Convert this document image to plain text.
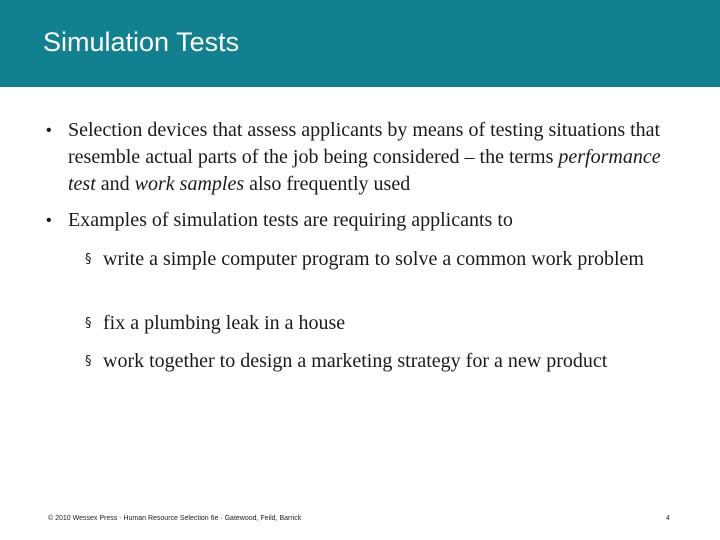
Simulation Tests
• Selection devices that assess applicants by means of testing situations that resemble actual parts of the job being considered – the terms performance test and work samples also frequently used
• Examples of simulation tests are requiring applicants to
§ write a simple computer program to solve a common work problem
§ fix a plumbing leak in a house
§ work together to design a marketing strategy for a new product
© 2010 Wessex Press · Human Resource Selection 6e · Gatewood, Feild, Barrick	4
